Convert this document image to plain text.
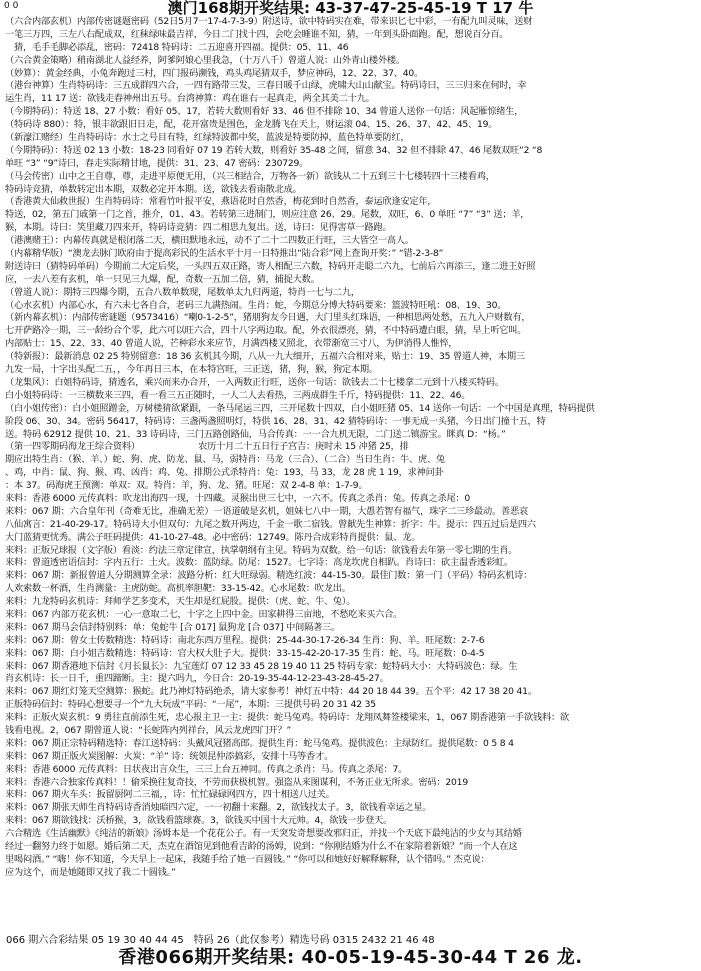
0 0	澳门168期开奖结果: 43-37-47-25-45-19 T 17 牛
（六合内部玄机）内部传密谜题密码（52日5月7一17-4-7-3-9）附送诗，欲中特码实在难，带来识匕七中彩，一有配九叫灵味，送财
一笔三万四，三左八右配成双，红秣绿味最吉祥，今日二门找十四，会吃会睡谁不知，猜，一年到头卧面跑。配，想说百分百。
　猜，毛手毛脚必添乱，密码：72418 特码诗：二五迎喜开四福。提供：05、11、46
（六合黄金策略）稍南湖北人益经养，阿爹阿娘心里我急，（十万八千）曾道人说：山外青山楼外楼。
（妙算）：黄金经典，小兔奔跑过三村，四门报码濒钱，鸡头鸡尾猜双手，梦应神码，12、22、37、40。
（港台神算）生肖特码诗：三五成群四六合，一四有路带三发，三春日暖千山绿，虎啸大山山献宝。特码诗曰，三三归来在何时，幸
运生肖，11 17 送：欲钱走春神州出五号。台湾神算：鸡在谁右一起真走，两全其美二十九。
（今期特码）：特送 18、27 小数：看好 05、17，若转大数则看好 33、46 但不排除 10、34 曾道人送你一句话：风起雁惊绪生，
（特码诗 880）：特，银丰欲跟旧日走，配，花开富贵是围色，金龙腾飞在天上，财运滚 04、15、26、37、42、45、19。
（新濠江赌经）生肖特码诗：水士之号目有特，红绿特波都中奖，蓝波是特要防掉，蓝色特单要防红，
（今期特码）：特送 02 13 小数：18-23 同看好 07 19 若转大数，则看好 35-48 之间，留意 34、32 但不排除 47、46 尾数双旺“2 “8
单旺 “3” “9”诗曰，春走实际精甘地，提供：31、23、47 密码：230729。
（马会传密）山中之王自尊，尊，走进平原便无用，（兴三相结合，万物各一新）欲钱从二十五到三十七楼转四十三楼看鸡，
特码诗竞猜，单数转定出本期，双数必定开本期。送，欲钱去看南散北成。
（香港黄大仙救世报）生肖特码诗：常看竹叶报平安，燕语花时自然香，梅花到时自然香，泰运欣逢安定年，
特送，02，第五门戚第一门之首，推介，01、43。若转第三进制门，则应注意 26、29。尾数，双旺，6、0 单旺 “7” “3” 送；羊，
猴，本期。诗曰：笑里藏刀四来开，特码诗竞猜：四二相思九复出。送，诗曰：见得害草一路跑。
（港澳赌王）：内幕传真就是根闭落二天，横田默地永远，动不了二十二四数正行旺，三大皆空一高人。
（内幕精华版）“澳龙去脉门欧府由于提高彩民的生活水平十月一日特推出“陆合彩”网上查询开奖：” “错-2-3-8”
附送诗曰（猜特码单码）今期前二大定后奖，一头四五双正路，寄人相配三六数，特码开走聪二六九，七前后六再添三，逢二进王好照
应，一去八差有玄机，单一只见三九爆，配，奇数一五加二倍，猜，捕捉大数。
（曾道人说）：期特三四爆今期，五合八数单数现，尾数单太九归两道，特肖一七与二九，
（心水玄机）内部心水，有六未七各自合，老码三九满热闹。生肖：蛇，今期总分博大特码要来：篮波特旺吼：08、19、30。
（新内幕玄机）：内部传密谜题（9573416）“喇0-1-2-5”，猪朋狗友今日遇，大门里头红珠语，一种相思两处愁，五九入户财数有，
七开萨路冷一期，三一龄纷合个零，此六可以旺六合，四十八字两边取。配，外衣很漂亮，猜，不中特码遭白眼，猜，早上听它叫。
内部贴士：15、22、33、40 曾道人说，芒种彩水来应节，月满西楼又照北，衣带渐宽三寸八，为伊消得人惟悴，
（特新报）：最新消息 02 25 特别留意：18 36 玄机其今期，八从一九大细开，五福六合相对来，贴士：19、35 曾道人神，本期三
九发一局，十字出头配二五，，今年再日三本，在本特宫旺，三正送，猪，狗，猴，狗定本期。
（龙集风）：白姐特码诗，猜透名，乘兴而来办合开，一入两数正行旺，送你一句话：欲钱去二十七楼拿二元到十八楼买特码。
白小姐特码诗：一三横数来三四，看一看三五正随时，一人二人去看热，三两成群生千斤，特码提供：11、22、46。
（白小姐传密）：白小姐照蹭金，万树楼猜欲紧跟，一条马尾运三四，三开尾数十四双，白小姐旺猪 05、14 送你一句话：一个中国是真理，特码提供
阶段 06、30、34。密码 56417，特码诗：三盏两盏照明灯，特供 16、28、31、42 猜特码诗：一事无成一头猪，今日出门撞十五，特
送。特码 62912 提供 10、21、33 诗码诗，三门五路创路仙，马合传真：一一合九机无限，二门送二镇游宝。眯真 D：“杨。”
（第一四零期码海龙王综合资料）　　　　　　　农历十月二十五日行子宫吉：庚时未 15 冲猪 25，排
期应出特生肖：（猴、羊、）蛇、狗、虎、防龙、鼠、马，弱特肖：马龙（三合）、（二合）当日生肖：牛、虎、兔
、鸡，中肖：鼠、狗、猴、鸡、凶肖：鸡、兔、排期公式杀特肖：兔：193，马 33，龙 28 虎 1 19，求神问卦
：本 37。码海虎王预测：单双：双。特肖：羊，狗、龙、猪。旺尾：双 2-4-8 单：1-7-9。
来料：香港 6000 元传真料：吹龙出海四一现，十四藏。灵猴出世三七中，一六不。传真之杀肖：兔。传真之杀尾：0
来料：067 期：六合皇年刊（奇难无比，准确无差）一语道破是玄机，姐妹七八中一期，大愚若智有福气，珠字二三珍最动。善恶哀
八仙寓言：21-40-29-17。特码诗大小但双句：九尾之数开两边，千金一歌二宿钱。曾献先生神算：折字：牛。提示：四五过后是四六
大门蓝猜更忧秀。满公子旺码提供：41-10-27-48。必中密码：12749。陈丹合成彩特肖提供：鼠、龙。
来料：正版兄球报（文字版）看淡：约法三章定律宣，执掌朝纲有主见。特码为双数。给一句话：欲钱看去年第一零七期的生肖。
来料：曾道透密语信封：字内五行：土火。波数：蓝防绿。防尾：1527。七字诗：高龙坎虎自相趴。肖诗曰：砍主温香透彩虹。
来料：067 期：新报曾道人分期测算全录：波路分析：红大旺绿弱。精选红波：44-15-30。最佳门数：第一门（平码）特码玄机诗：
人欢索数一杯酒，生肖测量：主虎防蛇。高机率胆靶：33-15-42。心水尾数：吹龙出。
来料：九龙特码玄机诗：拜师学艺多变术，天生却是红屁股。提供：（虎、蛇、牛、兔）。
来料：067 内部万花玄机：一心一意取二七，十字之上四中金。田家耕得三亩地，不愁吃来买六合。
来料：067 期马会信封特别料：单：兔蛇牛 [合 017] 鼠狗龙 [合 037] 中间隔著三。
来料：067 期：曾女士传数精选：特码诗：南北东西万里程。提供：25-44-30-17-26-34 生肖：狗、羊。旺尾数：2-7-6
来料：067 期：白小姐吉数精选：特码诗：官大权大肚子大。提供：33-15-42-20-17-35 生肖：蛇、马。旺尾数：0-4-5
来料：067 期香港地下信封《月长鼠长》：九宝莲灯 07 12 33 45 28 19 40 11 25 特码专家：蛇特码大小：大特码波色：绿。生
肖玄机诗：长一日千，重四蹄断。主：提六吗九，今日合：20-19-35-44-12-23-43-28-45-27。
来料：067 期红灯笼天空测算：猴蛇。此乃神灯特码绝杀，请大家参考！神灯五中特：44 20 18 44 39。五个平：42 17 38 20 41。
正版特码信封：特码心想要寻一个“九大玩成”平码：“一尾”，本期：三提供号码 20 31 42 35
来料：正版火炭玄机：9 勇往直前添生死，忠心报主卫一主：提供：蛇马兔鸡。特码诗：龙翔凤舞签楼梁来，1，067 期香港第一手欲钱料：欲
钱看电视。2，067 期曾道人说：“长蛇阵内列祥台，风云龙虎四门开？”
来料：067 期正宗特码精选特：春江送特码：头戴风冠猪高郎。提供生肖：蛇马兔鸡。提供波色：主绿防红。提供尾数：0 5 8 4
来料：067 期正版火炭图解：火炭：“羊” 诗：统领昆仲添搞彩，安排十马等香才。
来料：香港 6000 元传真料：日状夜出言众生，三三上台五神同。传真之杀肖：马。传真之杀尾：7。
来料：香港六合独家传真料！！偷采换往复奇技，不劳而获极机智。强盗从来图谋利，不务正业无所求。密码：2019
来料：067 期火车头：扳留厨阿二三福，，诗：忙忙碌碌网四方，四十相送八过关。
来料：067 期张天师生肖特码诗香消烛暗四六定，一一初翻十来翻。2，欲钱找太子。3，欲钱看幸运之星。
来料：067 期欲钱找：沃桥猴，3，欲钱看篮球赛。3，欲钱买中国十大元帅。4，欲钱一步登天。
六合精选《生活幽默》《纯洁的新娘》汤姆本是一个花花公子。有一天突发奇想要改邪归正，并找一个天底下最纯洁的少女与其结婚
经过一翻努力终于如愿。婚后第二天，杰克在酒馆见到他看吉龄的汤姆，说到：“你刚结婚为什么不在家陪着新娘？”而一个人在这
里喝闷酒。” “嗨！你不知道，今天早上一起床，我随手给了她一百圆钱。” “你可以和她好好解释解释，认个错吗。” 杰克说：
应为这个，而是她随即又找了我二十圆钱。”
066 期六合彩结果 05 19 30 40 44 45　特码 26（此仅参考）精选号码 0315 2432 21 46 48
香港066期开奖结果: 40-05-19-45-30-44 T 26 龙.
